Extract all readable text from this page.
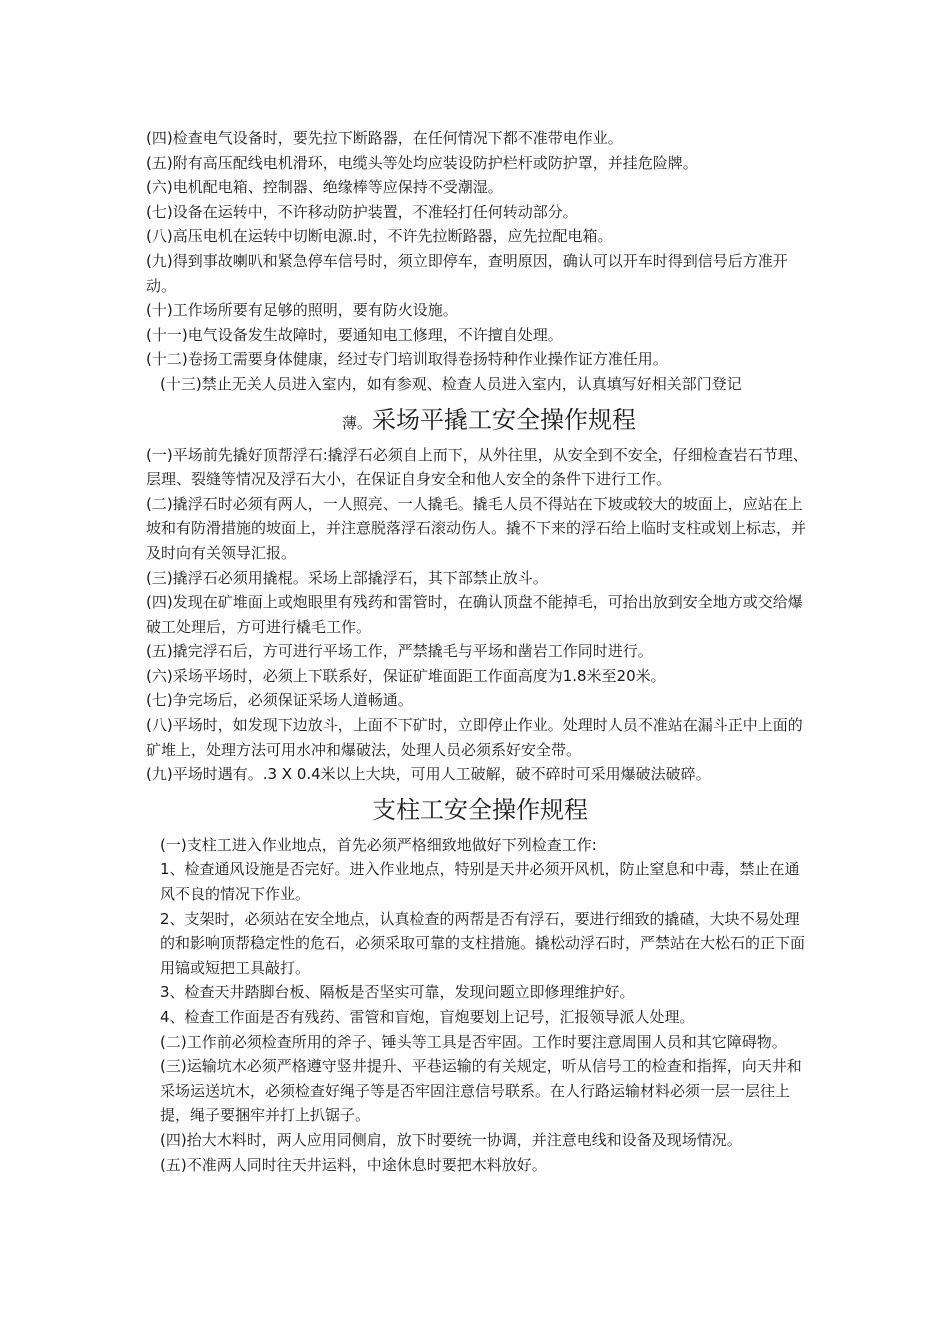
(四)检查电气设备时，要先拉下断路器，在任何情况下都不准带电作业。

(五)附有高压配线电机滑环，电缆头等处均应装设防护栏杆或防护罩，并挂危险牌。

(六)电机配电箱、控制器、绝缘棒等应保持不受潮湿。

(七)设备在运转中，不许移动防护装置，不准轻打任何转动部分。

(八)高压电机在运转中切断电源.时，不许先拉断路器，应先拉配电箱。

(九)得到事故喇叭和紧急停车信号时，须立即停车，查明原因，确认可以开车时得到信号后方准开动。

(十)工作场所要有足够的照明，要有防火设施。

(十一)电气设备发生故障时，要通知电工修理，不许擅自处理。

(十二)卷扬工需要身体健康，经过专门培训取得卷扬特种作业操作证方准任用。

(十三)禁止无关人员进入室内，如有参观、检查人员进入室内，认真填写好相关部门登记

薄。采场平撬工安全操作规程

(一)平场前先撬好顶帮浮石:撬浮石必须自上而下，从外往里，从安全到不安全，仔细检查岩石节理、层理、裂缝等情况及浮石大小，在保证自身安全和他人安全的条件下进行工作。

(二)撬浮石时必须有两人，一人照亮、一人撬毛。撬毛人员不得站在下坡或较大的坡面上，应站在上坡和有防滑措施的坡面上，并注意脱落浮石滚动伤人。撬不下来的浮石给上临时支柱或划上标志，并及时向有关领导汇报。

(三)撬浮石必须用撬棍。采场上部撬浮石，其下部禁止放斗。

(四)发现在矿堆面上或炮眼里有残药和雷管时，在确认顶盘不能掉毛，可抬出放到安全地方或交给爆破工处理后，方可进行橇毛工作。

(五)撬完浮石后，方可进行平场工作，严禁撬毛与平场和凿岩工作同时进行。

(六)采场平场时，必须上下联系好，保证矿堆面距工作面高度为1.8米至20米。

(七)争完场后，必须保证采场人道畅通。

(八)平场时，如发现下边放斗，上面不下矿时，立即停止作业。处理时人员不准站在漏斗正中上面的矿堆上，处理方法可用水冲和爆破法，处理人员必须系好安全带。

(九)平场时遇有。.3 X 0.4米以上大块，可用人工破解，破不碎时可采用爆破法破碎。

支柱工安全操作规程

(一)支柱工进入作业地点，首先必须严格细致地做好下列检查工作:

1、检查通风设施是否完好。进入作业地点，特别是天井必须开风机，防止窒息和中毒，禁止在通风不良的情况下作业。

2、支架时，必须站在安全地点，认真检查的两帮是否有浮石，要进行细致的撬碴，大块不易处理的和影响顶帮稳定性的危石，必须采取可靠的支柱措施。撬松动浮石时，严禁站在大松石的正下面用镐或短把工具敲打。

3、检查天井踏脚台板、隔板是否坚实可靠，发现问题立即修理维护好。

4、检查工作面是否有残药、雷管和盲炮，盲炮要划上记号，汇报领导派人处理。

(二)工作前必须检查所用的斧子、锤头等工具是否牢固。工作时要注意周围人员和其它障碍物。

(三)运输坑木必须严格遵守竖井提升、平巷运输的有关规定，听从信号工的检查和指挥，向天井和采场运送坑木，必须检查好绳子等是否牢固注意信号联系。在人行路运输材料必须一层一层往上提，绳子要捆牢并打上扒锯子。

(四)抬大木料时，两人应用同侧肩，放下时要统一协调，并注意电线和设备及现场情况。

(五)不准两人同时往天井运料，中途休息时要把木料放好。
